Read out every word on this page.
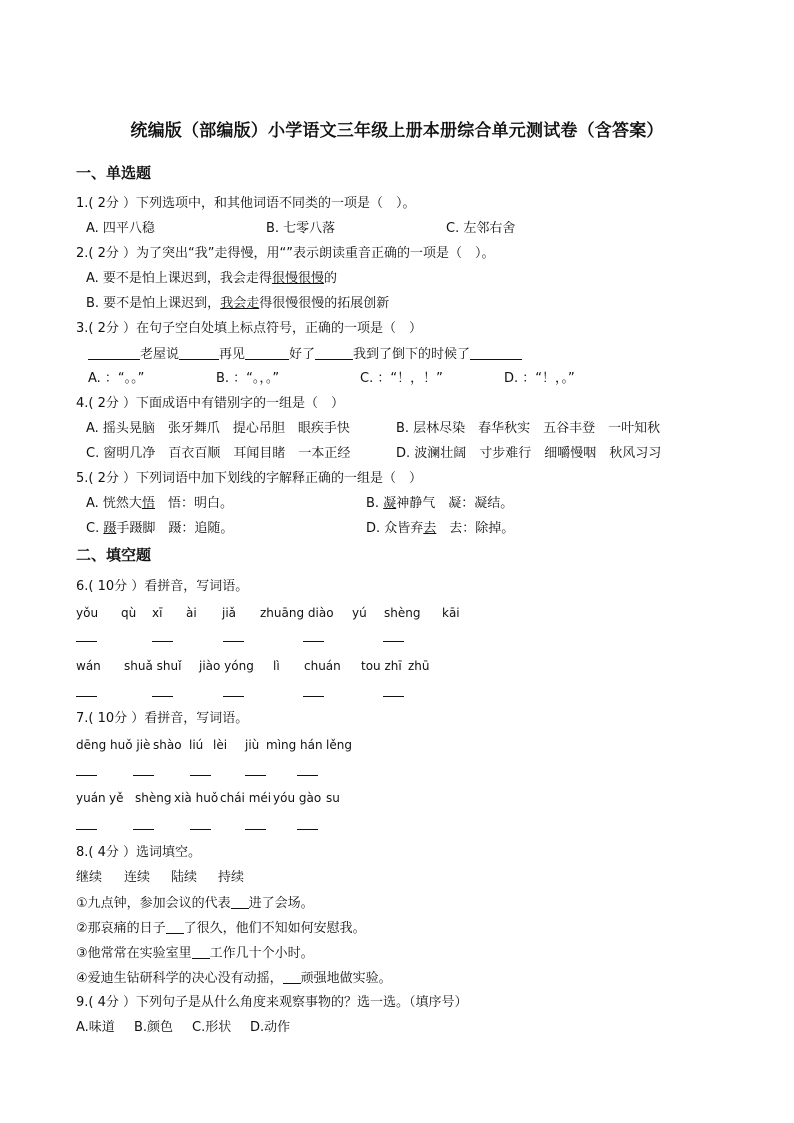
统编版（部编版）小学语文三年级上册本册综合单元测试卷（含答案）
一、单选题
1.( 2分 ）下列选项中，和其他词语不同类的一项是（　）。
A. 四平八稳	B. 七零八落	C. 左邻右舍
2.( 2分 ）为了突出“我”走得慢，用“”表示朗读重音正确的一项是（　）。
A. 要不是怕上课迟到，我会走得很慢很慢的
B. 要不是怕上课迟到，我会走得很慢很慢的拓展创新
3.( 2分 ）在句子空白处填上标点符号，正确的一项是（　）
老屋说	再见	好了	我到了倒下的时候了
A. ：“。。”	B. ：“。，。”	C. ：“！，！”	D. ：“！，。”
4.( 2分 ）下面成语中有错别字的一组是（　）
A. 摇头晃脑　张牙舞爪　提心吊胆　眼疾手快	B. 层林尽染　春华秋实　五谷丰登　一叶知秋
C. 窗明几净　百衣百顺　耳闻目睹　一本正经	D. 波澜壮阔　寸步难行　细嚼慢咽　秋风习习
5.( 2分 ）下列词语中加下划线的字解释正确的一组是（　）
A. 恍然大悟　悟：明白。	B. 凝神静气　凝：凝结。
C. 蹑手蹑脚　蹑：追随。	D. 众皆弃去　去：除掉。
二、填空题
6.( 10分 ）看拼音，写词语。
yǒu qù xī ài jiǎ zhuāng diào yú shèng kāi
wán shuǎ shuǐ jiào yóng lì chuán tou zhī zhū
7.( 10分 ）看拼音，写词语。
dēng huǒ jiè shào liú lèi jiù mìng hán lěng
yuán yě shèng xià huǒ chái méi yóu gào su
8.( 4分 ）选词填空。
继续 连续 陆续 持续
①九点钟，参加会议的代表 进了会场。
②那哀痛的日子 了很久，他们不知如何安慰我。
③他常常在实验室里 工作几十个小时。
④爱迪生钻研科学的决心没有动摇， 顽强地做实验。
9.( 4分 ）下列句子是从什么角度来观察事物的？选一选。（填序号）
A.味道 B.颜色 C.形状 D.动作
